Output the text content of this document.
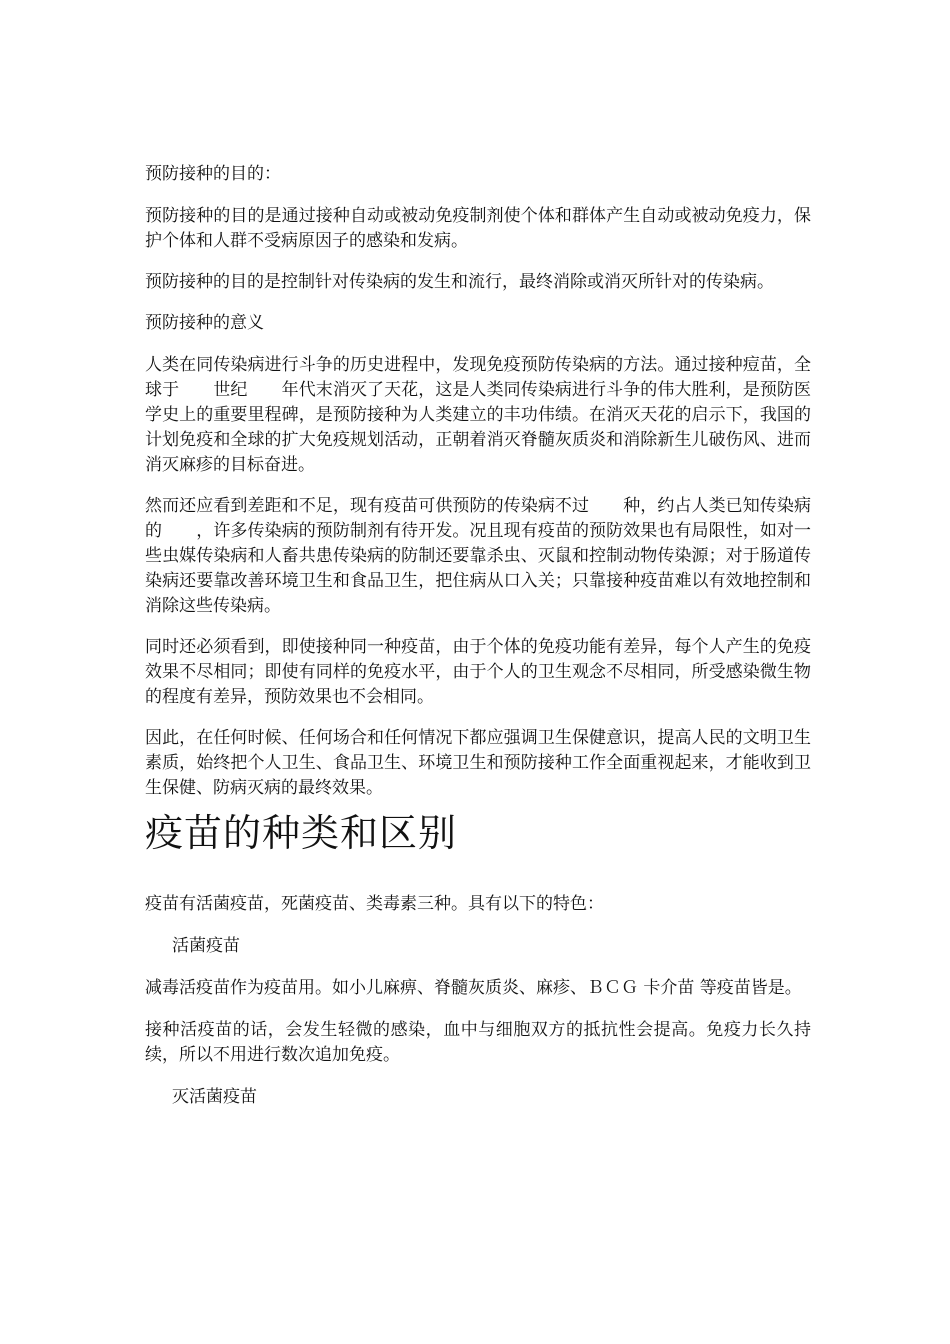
预防接种的目的：

预防接种的目的是通过接种自动或被动免疫制剂使个体和群体产生自动或被动免疫力，保护个体和人群不受病原因子的感染和发病。

预防接种的目的是控制针对传染病的发生和流行，最终消除或消灭所针对的传染病。

预防接种的意义

人类在同传染病进行斗争的历史进程中，发现免疫预防传染病的方法。通过接种痘苗，全球于　　世纪　　年代末消灭了天花，这是人类同传染病进行斗争的伟大胜利，是预防医学史上的重要里程碑，是预防接种为人类建立的丰功伟绩。在消灭天花的启示下，我国的计划免疫和全球的扩大免疫规划活动，正朝着消灭脊髓灰质炎和消除新生儿破伤风、进而消灭麻疹的目标奋进。

然而还应看到差距和不足，现有疫苗可供预防的传染病不过　　种，约占人类已知传染病的　　，许多传染病的预防制剂有待开发。况且现有疫苗的预防效果也有局限性，如对一些虫媒传染病和人畜共患传染病的防制还要靠杀虫、灭鼠和控制动物传染源；对于肠道传染病还要靠改善环境卫生和食品卫生，把住病从口入关；只靠接种疫苗难以有效地控制和消除这些传染病。

同时还必须看到，即使接种同一种疫苗，由于个体的免疫功能有差异，每个人产生的免疫效果不尽相同；即使有同样的免疫水平，由于个人的卫生观念不尽相同，所受感染微生物的程度有差异，预防效果也不会相同。

因此，在任何时候、任何场合和任何情况下都应强调卫生保健意识，提高人民的文明卫生素质，始终把个人卫生、食品卫生、环境卫生和预防接种工作全面重视起来，才能收到卫生保健、防病灭病的最终效果。

疫苗的种类和区别

疫苗有活菌疫苗，死菌疫苗、类毒素三种。具有以下的特色：

活菌疫苗

减毒活疫苗作为疫苗用。如小儿麻痹、脊髓灰质炎、麻疹、ＢＣＧ 卡介苗 等疫苗皆是。

接种活疫苗的话，会发生轻微的感染，血中与细胞双方的抵抗性会提高。免疫力长久持续，所以不用进行数次追加免疫。

灭活菌疫苗
